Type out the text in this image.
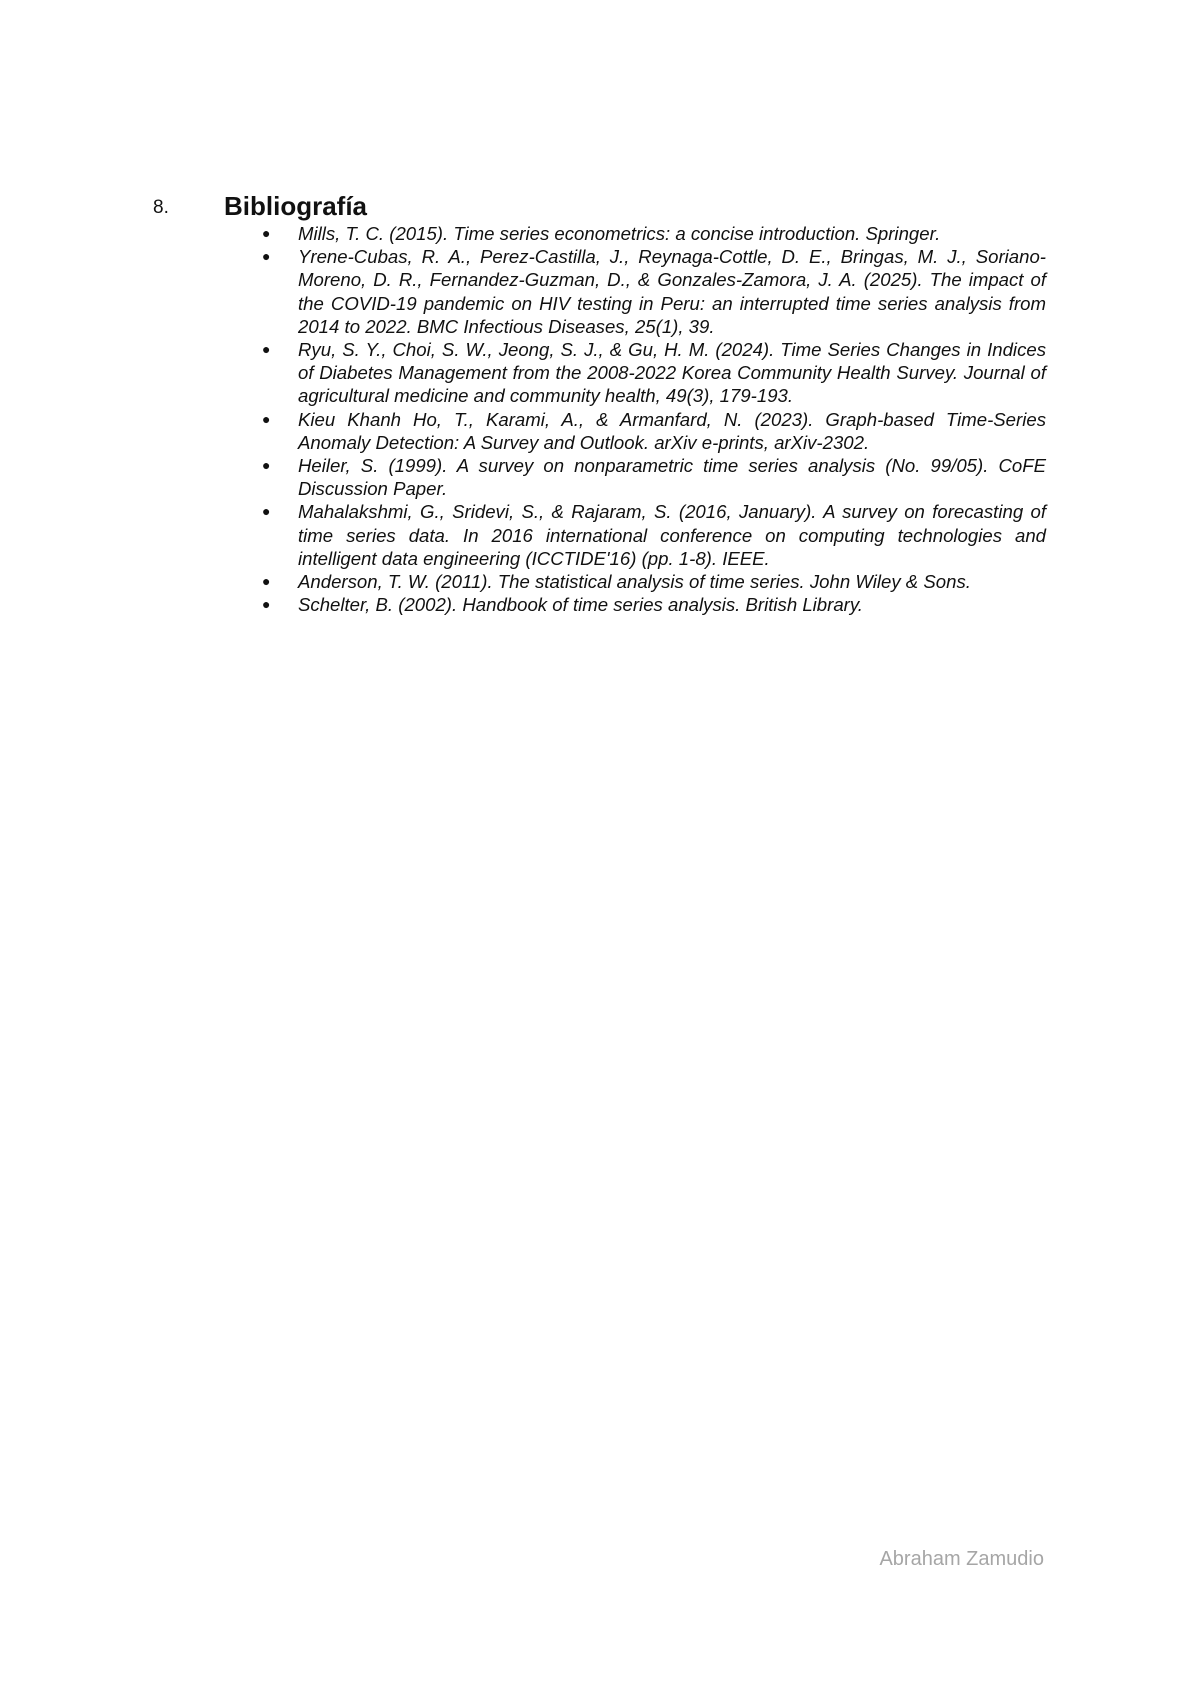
8. Bibliografía
● Mills, T. C. (2015). Time series econometrics: a concise introduction. Springer.
● Yrene-Cubas, R. A., Perez-Castilla, J., Reynaga-Cottle, D. E., Bringas, M. J., Soriano-Moreno, D. R., Fernandez-Guzman, D., & Gonzales-Zamora, J. A. (2025). The impact of the COVID-19 pandemic on HIV testing in Peru: an interrupted time series analysis from 2014 to 2022. BMC Infectious Diseases, 25(1), 39.
● Ryu, S. Y., Choi, S. W., Jeong, S. J., & Gu, H. M. (2024). Time Series Changes in Indices of Diabetes Management from the 2008-2022 Korea Community Health Survey. Journal of agricultural medicine and community health, 49(3), 179-193.
● Kieu Khanh Ho, T., Karami, A., & Armanfard, N. (2023). Graph-based Time-Series Anomaly Detection: A Survey and Outlook. arXiv e-prints, arXiv-2302.
● Heiler, S. (1999). A survey on nonparametric time series analysis (No. 99/05). CoFE Discussion Paper.
● Mahalakshmi, G., Sridevi, S., & Rajaram, S. (2016, January). A survey on forecasting of time series data. In 2016 international conference on computing technologies and intelligent data engineering (ICCTIDE'16) (pp. 1-8). IEEE.
● Anderson, T. W. (2011). The statistical analysis of time series. John Wiley & Sons.
● Schelter, B. (2002). Handbook of time series analysis. British Library.
Abraham Zamudio
